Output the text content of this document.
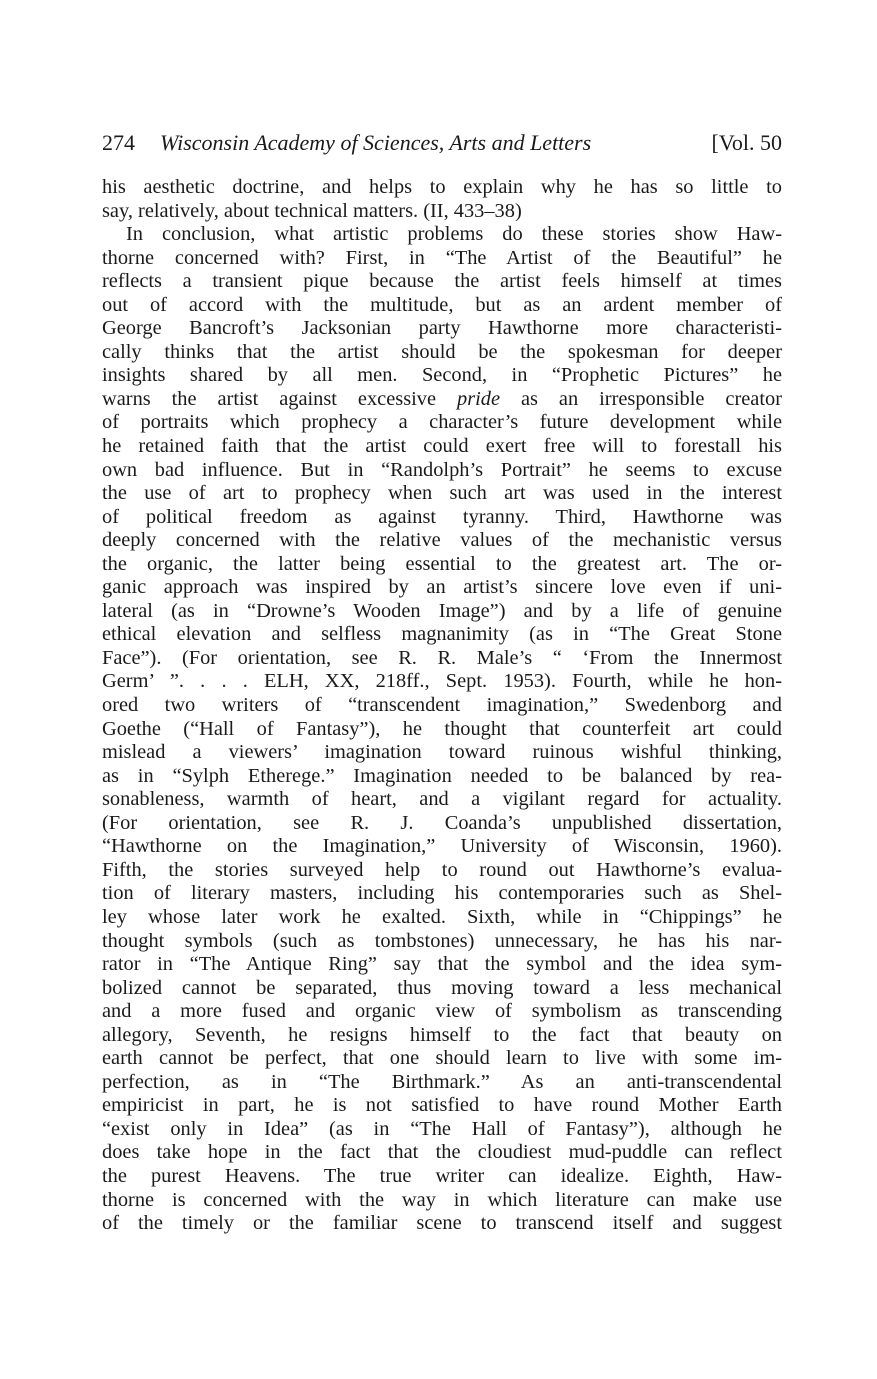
274 Wisconsin Academy of Sciences, Arts and Letters	[Vol. 50
his aesthetic doctrine, and helps to explain why he has so little to
say, relatively, about technical matters. (II, 433–38)
In conclusion, what artistic problems do these stories show Haw-
thorne concerned with? First, in “The Artist of the Beautiful” he
reflects a transient pique because the artist feels himself at times
out of accord with the multitude, but as an ardent member of
George Bancroft’s Jacksonian party Hawthorne more characteristi-
cally thinks that the artist should be the spokesman for deeper
insights shared by all men. Second, in “Prophetic Pictures” he
warns the artist against excessive pride as an irresponsible creator
of portraits which prophecy a character’s future development while
he retained faith that the artist could exert free will to forestall his
own bad influence. But in “Randolph’s Portrait” he seems to excuse
the use of art to prophecy when such art was used in the interest
of political freedom as against tyranny. Third, Hawthorne was
deeply concerned with the relative values of the mechanistic versus
the organic, the latter being essential to the greatest art. The or-
ganic approach was inspired by an artist’s sincere love even if uni-
lateral (as in “Drowne’s Wooden Image”) and by a life of genuine
ethical elevation and selfless magnanimity (as in “The Great Stone
Face”). (For orientation, see R. R. Male’s “ ‘From the Innermost
Germ’ ”. . . . ELH, XX, 218ff., Sept. 1953). Fourth, while he hon-
ored two writers of “transcendent imagination,” Swedenborg and
Goethe (“Hall of Fantasy”), he thought that counterfeit art could
mislead a viewers’ imagination toward ruinous wishful thinking,
as in “Sylph Etherege.” Imagination needed to be balanced by rea-
sonableness, warmth of heart, and a vigilant regard for actuality.
(For orientation, see R. J. Coanda’s unpublished dissertation,
“Hawthorne on the Imagination,” University of Wisconsin, 1960).
Fifth, the stories surveyed help to round out Hawthorne’s evalua-
tion of literary masters, including his contemporaries such as Shel-
ley whose later work he exalted. Sixth, while in “Chippings” he
thought symbols (such as tombstones) unnecessary, he has his nar-
rator in “The Antique Ring” say that the symbol and the idea sym-
bolized cannot be separated, thus moving toward a less mechanical
and a more fused and organic view of symbolism as transcending
allegory, Seventh, he resigns himself to the fact that beauty on
earth cannot be perfect, that one should learn to live with some im-
perfection, as in “The Birthmark.” As an anti-transcendental
empiricist in part, he is not satisfied to have round Mother Earth
“exist only in Idea” (as in “The Hall of Fantasy”), although he
does take hope in the fact that the cloudiest mud-puddle can reflect
the purest Heavens. The true writer can idealize. Eighth, Haw-
thorne is concerned with the way in which literature can make use
of the timely or the familiar scene to transcend itself and suggest
